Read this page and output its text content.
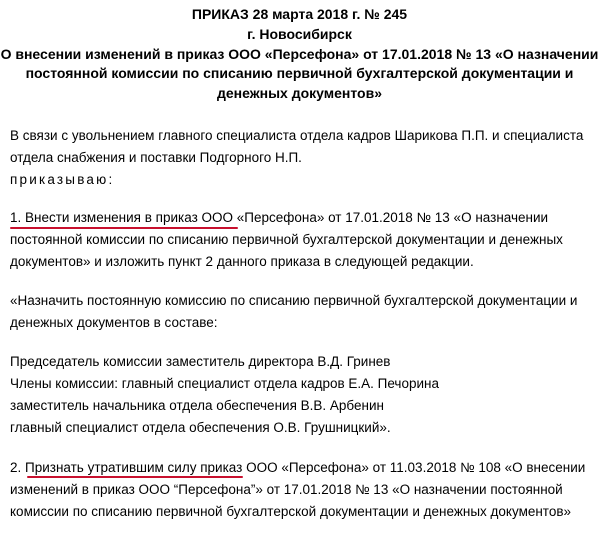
ПРИКАЗ 28 марта 2018 г. № 245
г. Новосибирск
О внесении изменений в приказ ООО «Персефона» от 17.01.2018 № 13 «О назначении
постоянной комиссии по списанию первичной бухгалтерской документации и
денежных документов»
В связи с увольнением главного специалиста отдела кадров Шарикова П.П. и специалиста
отдела снабжения и поставки Подгорного Н.П.
приказываю:
1. Внести изменения в приказ ООО «Персефона» от 17.01.2018 № 13 «О назначении
постоянной комиссии по списанию первичной бухгалтерской документации и денежных
документов» и изложить пункт 2 данного приказа в следующей редакции.
«Назначить постоянную комиссию по списанию первичной бухгалтерской документации и
денежных документов в составе:
Председатель комиссии заместитель директора В.Д. Гринев
Члены комиссии: главный специалист отдела кадров Е.А. Печорина
заместитель начальника отдела обеспечения В.В. Арбенин
главный специалист отдела обеспечения О.В. Грушницкий».
2. Признать утратившим силу приказ ООО «Персефона» от 11.03.2018 № 108 «О внесении
изменений в приказ ООО “Персефона”» от 17.01.2018 № 13 «О назначении постоянной
комиссии по списанию первичной бухгалтерской документации и денежных документов»
